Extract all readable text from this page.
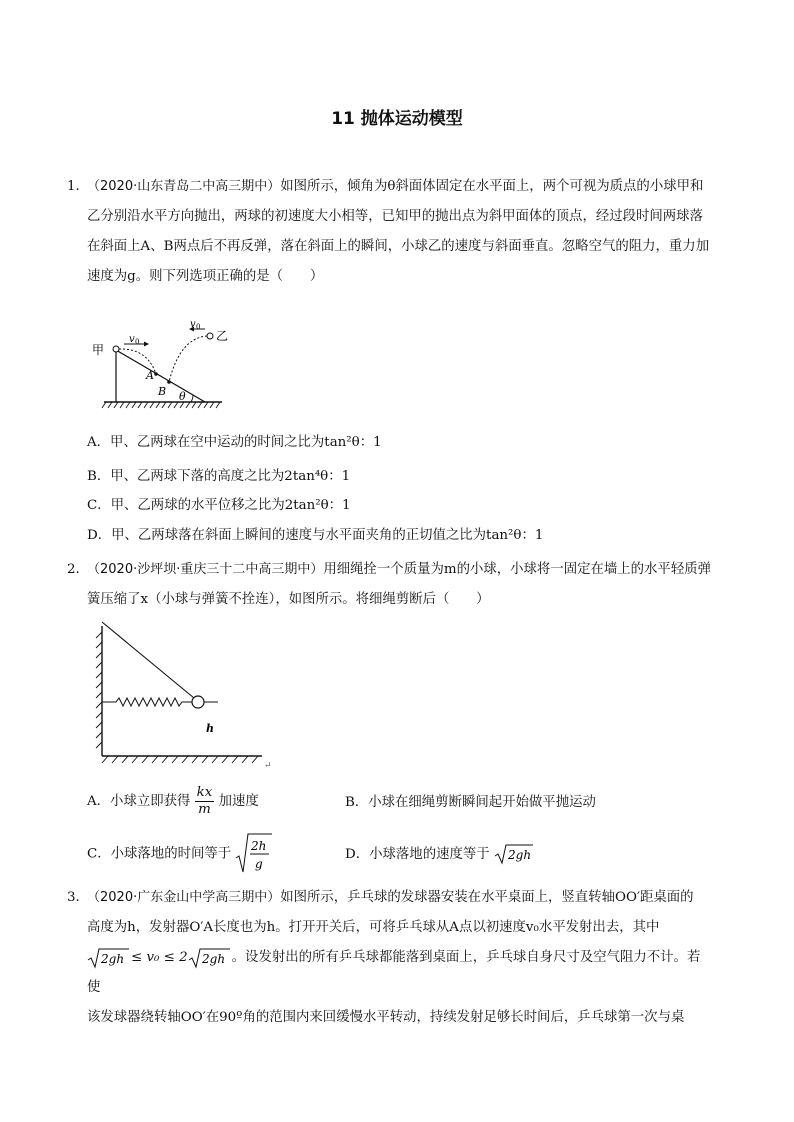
11 抛体运动模型
1．
（2020·山东青岛二中高三期中）如图所示，倾角为θ斜面体固定在水平面上，两个可视为质点的小球甲和乙分别沿水平方向抛出，两球的初速度大小相等，已知甲的抛出点为斜甲面体的顶点，经过段时间两球落在斜面上A、B两点后不再反弹，落在斜面上的瞬间，小球乙的速度与斜面垂直。忽略空气的阻力，重力加速度为g。则下列选项正确的是（　　）
甲
乙
v 0
v 0
A
B θ
A．甲、乙两球在空中运动的时间之比为tan²θ：1
B．甲、乙两球下落的高度之比为2tan⁴θ：1
C．甲、乙两球的水平位移之比为2tan²θ：1
D．甲、乙两球落在斜面上瞬间的速度与水平面夹角的正切值之比为tan²θ：1
2．
（2020·沙坪坝·重庆三十二中高三期中）用细绳拴一个质量为m的小球，小球将一固定在墙上的水平轻质弹簧压缩了x（小球与弹簧不拴连），如图所示。将细绳剪断后（　　）
h
↵
A．小球立即获得 $\frac{kx}{m}$ 加速度	B．小球在细绳剪断瞬间起开始做平抛运动
C．小球落地的时间等于
2h
g
D．小球落地的速度等于 2gh
3．
（2020·广东金山中学高三期中）如图所示，乒乓球的发球器安装在水平桌面上，竖直转轴OO′距桌面的
高度为h，发射器O′A长度也为h。打开开关后，可将乒乓球从A点以初速度v₀水平发射出去，其中

2gh ≤ v₀ ≤ 2 2gh 。设发射出的所有乒乓球都能落到桌面上，乒乓球自身尺寸及空气阻力不计。若使
该发球器绕转轴OO′在90º角的范围内来回缓慢水平转动，持续发射足够长时间后，乒乓球第一次与桌
